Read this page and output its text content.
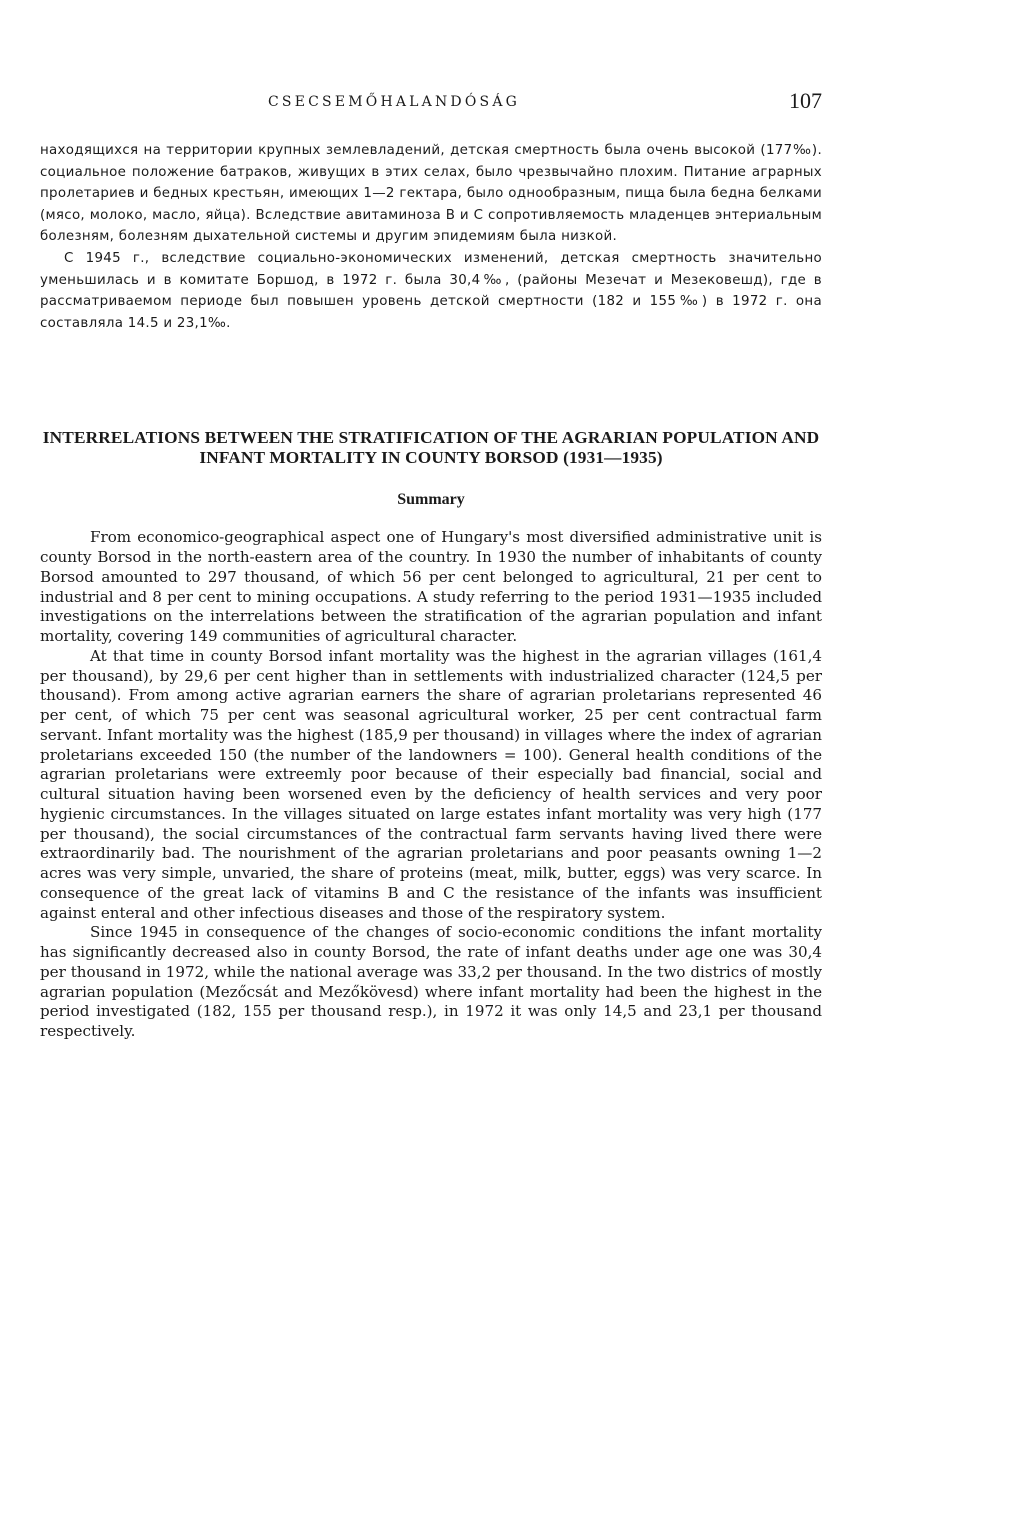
CSECSEMŐHALANDÓSÁG	107

находящихся на территории крупных землевладений, детская смертность была очень высокой (177‰). социальное положение батраков, живущих в этих селах, было чрезвычайно плохим. Питание аграрных пролетариев и бедных крестьян, имеющих 1—2 гектара, было однообразным, пища была бедна белками (мясо, молоко, масло, яйца). Вследствие авитаминоза В и С сопротивляемость младенцев энтериальным болезням, болезням дыхательной системы и другим эпидемиям была низкой.

С 1945 г., вследствие социально-экономических изменений, детская смертность значительно уменьшилась и в комитате Боршод, в 1972 г. была 30,4‰, (районы Мезечат и Мезековешд), где в рассматриваемом периоде был повышен уровень детской смертности (182 и 155‰) в 1972 г. она составляла 14.5 и 23,1‰.

INTERRELATIONS BETWEEN THE STRATIFICATION OF THE AGRARIAN POPULATION AND INFANT MORTALITY IN COUNTY BORSOD (1931—1935)
Summary

From economico-geographical aspect one of Hungary's most diversified administrative unit is county Borsod in the north-eastern area of the country. In 1930 the number of inhabitants of county Borsod amounted to 297 thousand, of which 56 per cent belonged to agricultural, 21 per cent to industrial and 8 per cent to mining occupations. A study referring to the period 1931—1935 included investigations on the interrelations between the stratification of the agrarian population and infant mortality, covering 149 communities of agricultural character.

At that time in county Borsod infant mortality was the highest in the agrarian villages (161,4 per thousand), by 29,6 per cent higher than in settlements with industrialized character (124,5 per thousand). From among active agrarian earners the share of agrarian proletarians represented 46 per cent, of which 75 per cent was seasonal agricultural worker, 25 per cent contractual farm servant. Infant mortality was the highest (185,9 per thousand) in villages where the index of agrarian proletarians exceeded 150 (the number of the landowners = 100). General health conditions of the agrarian proletarians were extreemly poor because of their especially bad financial, social and cultural situation having been worsened even by the deficiency of health services and very poor hygienic circumstances. In the villages situated on large estates infant mortality was very high (177 per thousand), the social circumstances of the contractual farm servants having lived there were extraordinarily bad. The nourishment of the agrarian proletarians and poor peasants owning 1—2 acres was very simple, unvaried, the share of proteins (meat, milk, butter, eggs) was very scarce. In consequence of the great lack of vitamins B and C the resistance of the infants was insufficient against enteral and other infectious diseases and those of the respiratory system.

Since 1945 in consequence of the changes of socio-economic conditions the infant mortality has significantly decreased also in county Borsod, the rate of infant deaths under age one was 30,4 per thousand in 1972, while the national average was 33,2 per thousand. In the two districs of mostly agrarian population (Mezőcsát and Mezőkövesd) where infant mortality had been the highest in the period investigated (182, 155 per thousand resp.), in 1972 it was only 14,5 and 23,1 per thousand respectively.
